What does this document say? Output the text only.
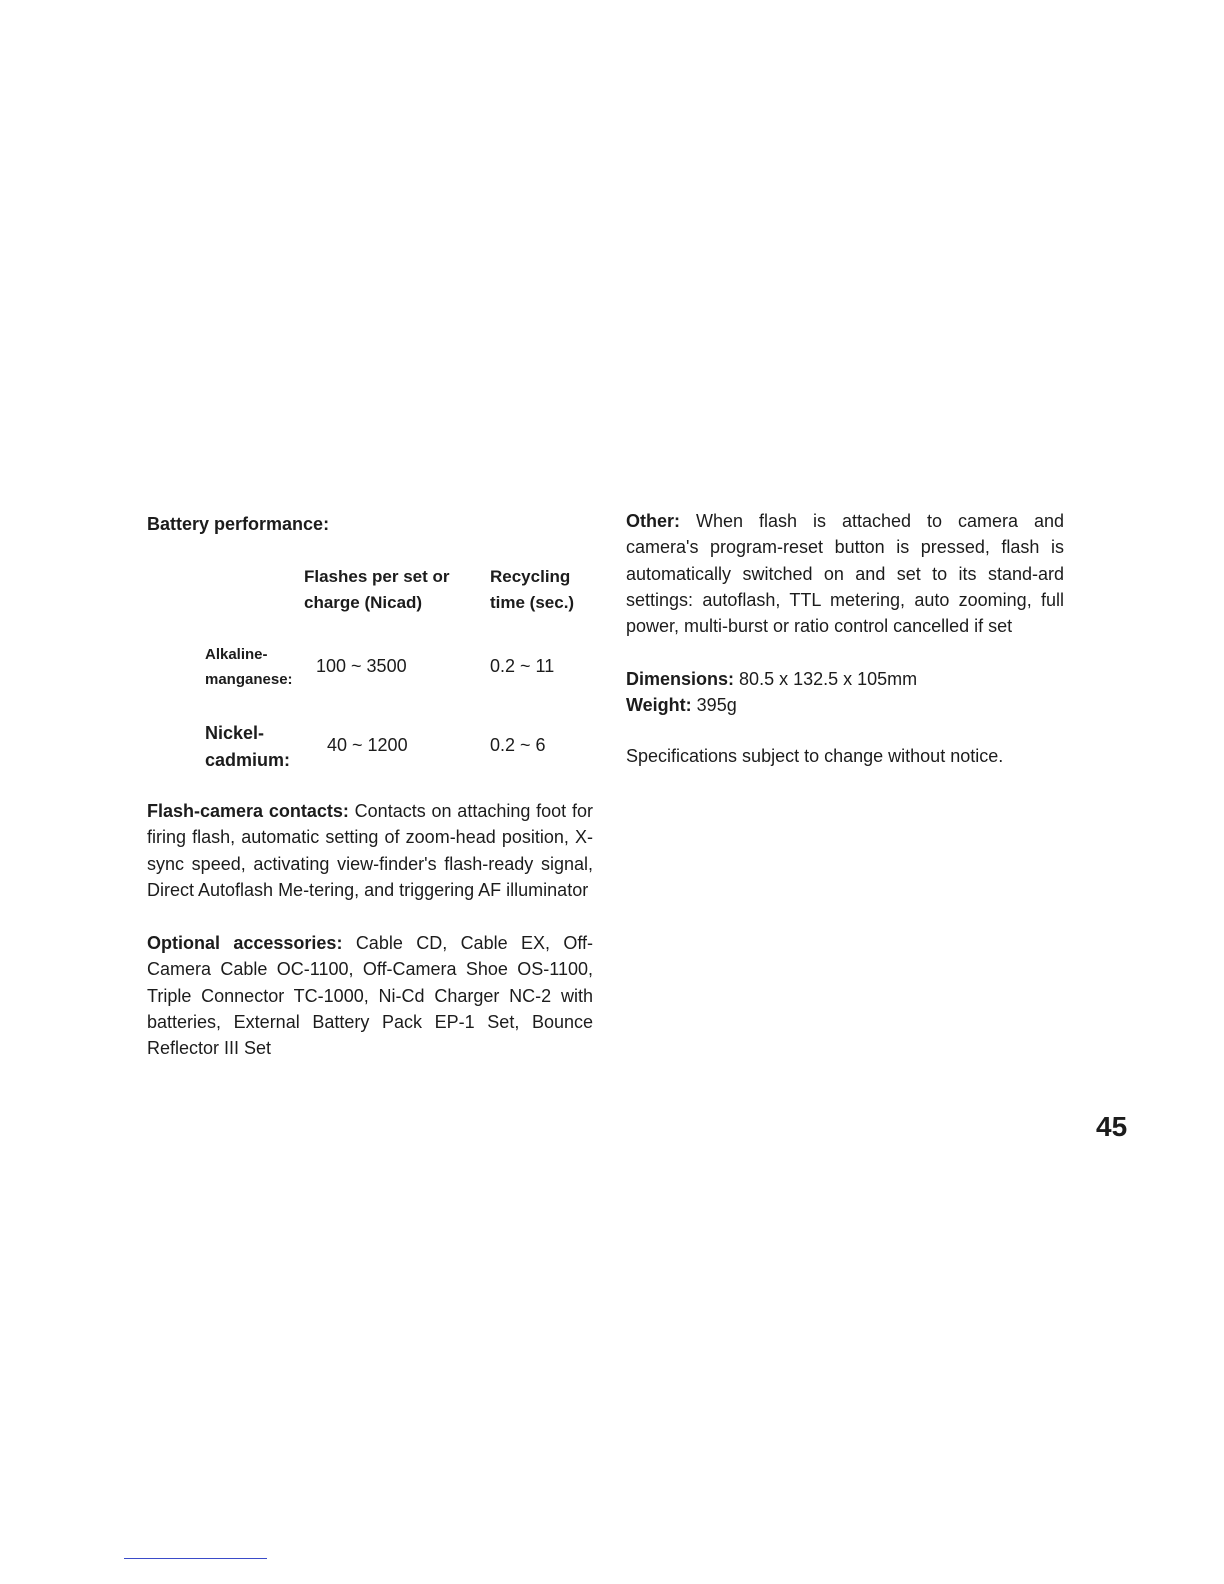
Battery performance:
Flashes per set or
charge (Nicad)
Recycling
time (sec.)
Alkaline-
manganese:
100 ~ 3500	0.2 ~ 11
Nickel-
cadmium:
40 ~ 1200	0.2 ~ 6

Flash-camera contacts: Contacts on attaching foot for firing flash, automatic setting of zoom-head position, X-sync speed, activating view-finder's flash-ready signal, Direct Autoflash Me-tering, and triggering AF illuminator

Optional accessories: Cable CD, Cable EX, Off-Camera Cable OC-1100, Off-Camera Shoe OS-1100, Triple Connector TC-1000, Ni-Cd Charger NC-2 with batteries, External Battery Pack EP-1 Set, Bounce Reflector III Set

Other: When flash is attached to camera and camera's program-reset button is pressed, flash is automatically switched on and set to its stand-ard settings: autoflash, TTL metering, auto zooming, full power, multi-burst or ratio control cancelled if set

Dimensions: 80.5 x 132.5 x 105mm

Weight: 395g

Specifications subject to change without notice.

45
